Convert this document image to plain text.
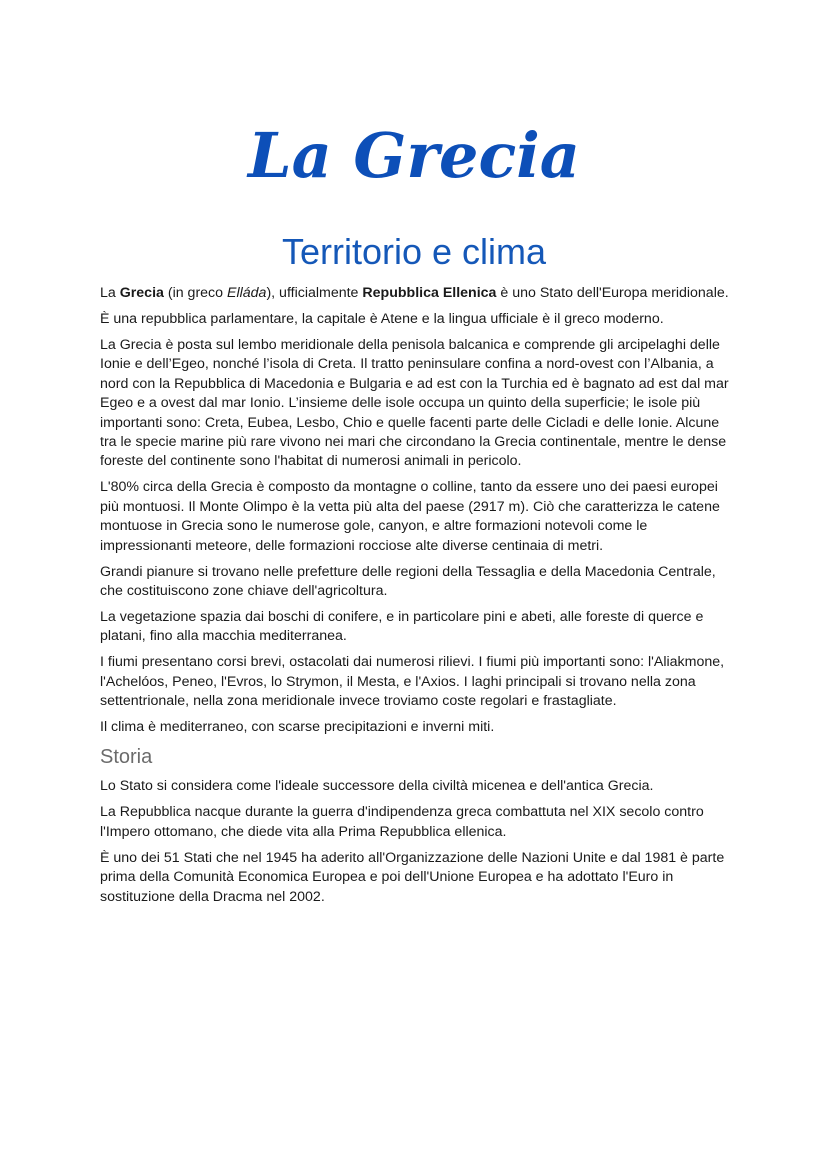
La Grecia
Territorio e clima

La Grecia (in greco Elláda), ufficialmente Repubblica Ellenica è uno Stato dell'Europa meridionale.

È una repubblica parlamentare, la capitale è Atene e la lingua ufficiale è il greco moderno.

La Grecia è posta sul lembo meridionale della penisola balcanica e comprende gli arcipelaghi delle Ionie e dell’Egeo, nonché l’isola di Creta. Il tratto peninsulare confina a nord-ovest con l’Albania, a nord con la Repubblica di Macedonia e Bulgaria e ad est con la Turchia ed è bagnato ad est dal mar Egeo e a ovest dal mar Ionio. L’insieme delle isole occupa un quinto della superficie; le isole più importanti sono: Creta, Eubea, Lesbo, Chio e quelle facenti parte delle Cicladi e delle Ionie. Alcune tra le specie marine più rare vivono nei mari che circondano la Grecia continentale, mentre le dense foreste del continente sono l'habitat di numerosi animali in pericolo.

L'80% circa della Grecia è composto da montagne o colline, tanto da essere uno dei paesi europei più montuosi. Il Monte Olimpo è la vetta più alta del paese (2917 m). Ciò che caratterizza le catene montuose in Grecia sono le numerose gole, canyon, e altre formazioni notevoli come le impressionanti meteore, delle formazioni rocciose alte diverse centinaia di metri.

Grandi pianure si trovano nelle prefetture delle regioni della Tessaglia e della Macedonia Centrale, che costituiscono zone chiave dell'agricoltura.

La vegetazione spazia dai boschi di conifere, e in particolare pini e abeti, alle foreste di querce e platani, fino alla macchia mediterranea.

I fiumi presentano corsi brevi, ostacolati dai numerosi rilievi. I fiumi più importanti sono: l'Aliakmone, l'Achelóos, Peneo, l'Evros, lo Strymon, il Mesta, e l'Axios. I laghi principali si trovano nella zona settentrionale, nella zona meridionale invece troviamo coste regolari e frastagliate.

Il clima è mediterraneo, con scarse precipitazioni e inverni miti.

Storia

Lo Stato si considera come l'ideale successore della civiltà micenea e dell'antica Grecia.

La Repubblica nacque durante la guerra d'indipendenza greca combattuta nel XIX secolo contro l'Impero ottomano, che diede vita alla Prima Repubblica ellenica.

È uno dei 51 Stati che nel 1945 ha aderito all'Organizzazione delle Nazioni Unite e dal 1981 è parte prima della Comunità Economica Europea e poi dell'Unione Europea e ha adottato l'Euro in sostituzione della Dracma nel 2002.
